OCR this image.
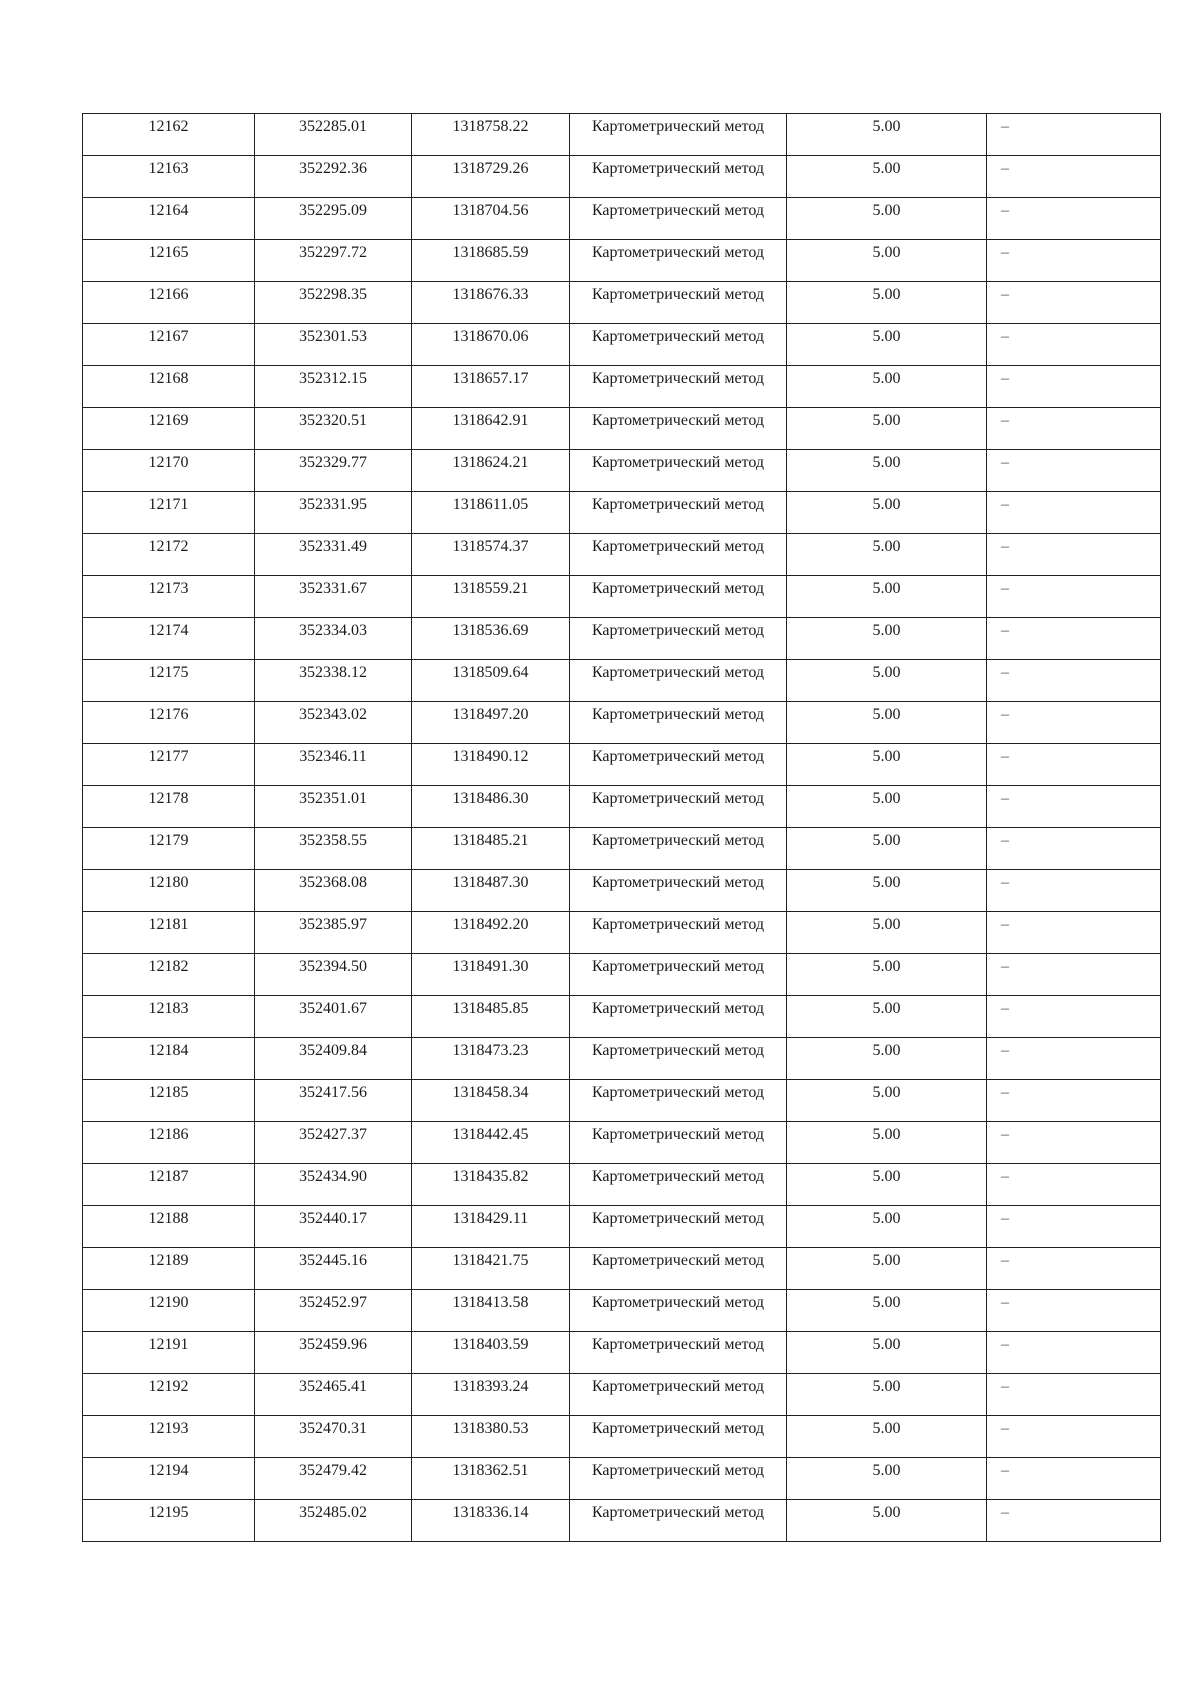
12162	352285.01	1318758.22	Картометрический метод	5.00	–

12163	352292.36	1318729.26	Картометрический метод	5.00	–

12164	352295.09	1318704.56	Картометрический метод	5.00	–

12165	352297.72	1318685.59	Картометрический метод	5.00	–

12166	352298.35	1318676.33	Картометрический метод	5.00	–

12167	352301.53	1318670.06	Картометрический метод	5.00	–

12168	352312.15	1318657.17	Картометрический метод	5.00	–

12169	352320.51	1318642.91	Картометрический метод	5.00	–

12170	352329.77	1318624.21	Картометрический метод	5.00	–

12171	352331.95	1318611.05	Картометрический метод	5.00	–

12172	352331.49	1318574.37	Картометрический метод	5.00	–

12173	352331.67	1318559.21	Картометрический метод	5.00	–

12174	352334.03	1318536.69	Картометрический метод	5.00	–

12175	352338.12	1318509.64	Картометрический метод	5.00	–

12176	352343.02	1318497.20	Картометрический метод	5.00	–

12177	352346.11	1318490.12	Картометрический метод	5.00	–

12178	352351.01	1318486.30	Картометрический метод	5.00	–

12179	352358.55	1318485.21	Картометрический метод	5.00	–

12180	352368.08	1318487.30	Картометрический метод	5.00	–

12181	352385.97	1318492.20	Картометрический метод	5.00	–

12182	352394.50	1318491.30	Картометрический метод	5.00	–

12183	352401.67	1318485.85	Картометрический метод	5.00	–

12184	352409.84	1318473.23	Картометрический метод	5.00	–

12185	352417.56	1318458.34	Картометрический метод	5.00	–

12186	352427.37	1318442.45	Картометрический метод	5.00	–

12187	352434.90	1318435.82	Картометрический метод	5.00	–

12188	352440.17	1318429.11	Картометрический метод	5.00	–

12189	352445.16	1318421.75	Картометрический метод	5.00	–

12190	352452.97	1318413.58	Картометрический метод	5.00	–

12191	352459.96	1318403.59	Картометрический метод	5.00	–

12192	352465.41	1318393.24	Картометрический метод	5.00	–

12193	352470.31	1318380.53	Картометрический метод	5.00	–

12194	352479.42	1318362.51	Картометрический метод	5.00	–

12195	352485.02	1318336.14	Картометрический метод	5.00	–
